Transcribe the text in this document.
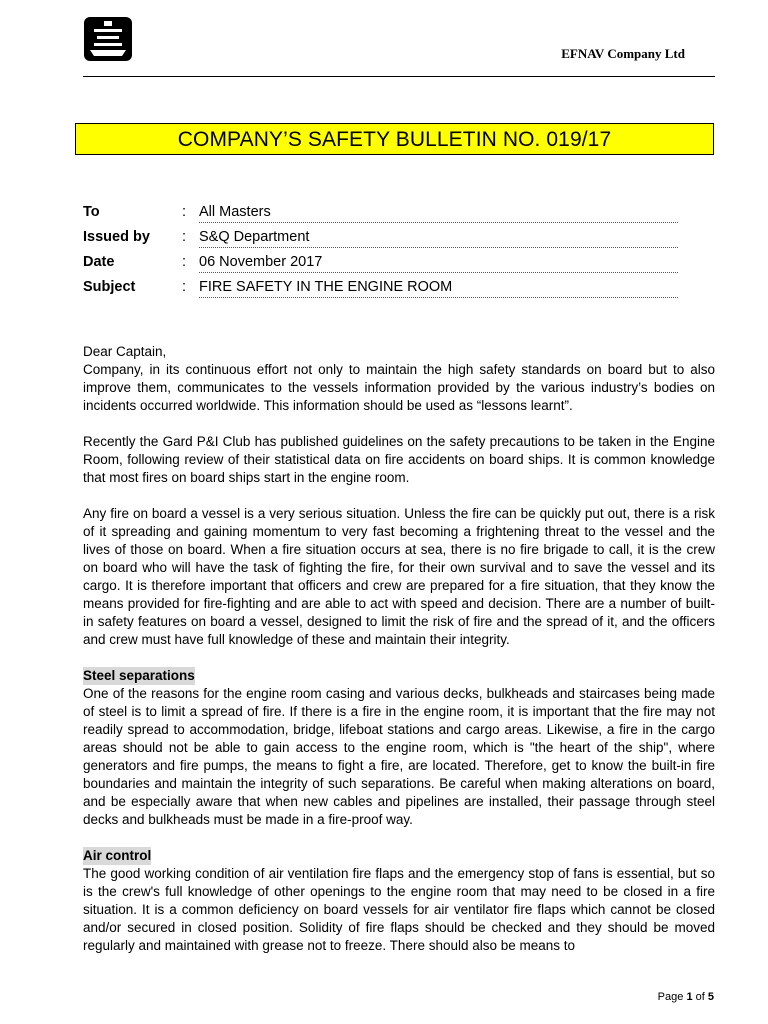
EFNAV Company Ltd
COMPANY’S SAFETY BULLETIN NO. 019/17
To	: All Masters
Issued by : S&Q Department
Date	: 06 November 2017
Subject	: FIRE SAFETY IN THE ENGINE ROOM

Dear Captain,

Company, in its continuous effort not only to maintain the high safety standards on board but to also improve them, communicates to the vessels information provided by the various industry’s bodies on incidents occurred worldwide. This information should be used as “lessons learnt”.

Recently the Gard P&I Club has published guidelines on the safety precautions to be taken in the Engine Room, following review of their statistical data on fire accidents on board ships. It is common knowledge that most fires on board ships start in the engine room.

Any fire on board a vessel is a very serious situation. Unless the fire can be quickly put out, there is a risk of it spreading and gaining momentum to very fast becoming a frightening threat to the vessel and the lives of those on board. When a fire situation occurs at sea, there is no fire brigade to call, it is the crew on board who will have the task of fighting the fire, for their own survival and to save the vessel and its cargo. It is therefore important that officers and crew are prepared for a fire situation, that they know the means provided for fire-fighting and are able to act with speed and decision. There are a number of built-in safety features on board a vessel, designed to limit the risk of fire and the spread of it, and the officers and crew must have full knowledge of these and maintain their integrity.

Steel separations

One of the reasons for the engine room casing and various decks, bulkheads and staircases being made of steel is to limit a spread of fire. If there is a fire in the engine room, it is important that the fire may not readily spread to accommodation, bridge, lifeboat stations and cargo areas. Likewise, a fire in the cargo areas should not be able to gain access to the engine room, which is "the heart of the ship", where generators and fire pumps, the means to fight a fire, are located. Therefore, get to know the built-in fire boundaries and maintain the integrity of such separations. Be careful when making alterations on board, and be especially aware that when new cables and pipelines are installed, their passage through steel decks and bulkheads must be made in a fire-proof way.

Air control

The good working condition of air ventilation fire flaps and the emergency stop of fans is essential, but so is the crew's full knowledge of other openings to the engine room that may need to be closed in a fire situation. It is a common deficiency on board vessels for air ventilator fire flaps which cannot be closed and/or secured in closed position. Solidity of fire flaps should be checked and they should be moved regularly and maintained with grease not to freeze. There should also be means to

Page 1 of 5
